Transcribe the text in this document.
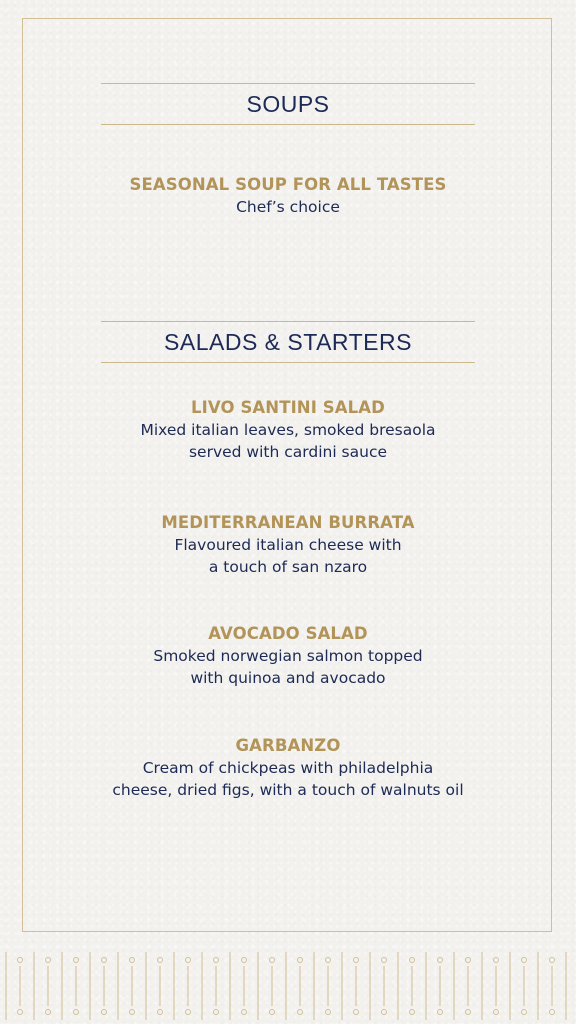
SOUPS
SEASONAL SOUP FOR ALL TASTES
Chef’s choice
SALADS & STARTERS
LIVO SANTINI SALAD
Mixed italian leaves, smoked bresaola
served with cardini sauce
MEDITERRANEAN BURRATA
Flavoured italian cheese with
a touch of san nzaro
AVOCADO SALAD
Smoked norwegian salmon topped
with quinoa and avocado
GARBANZO
Cream of chickpeas with philadelphia
cheese, dried figs, with a touch of walnuts oil
